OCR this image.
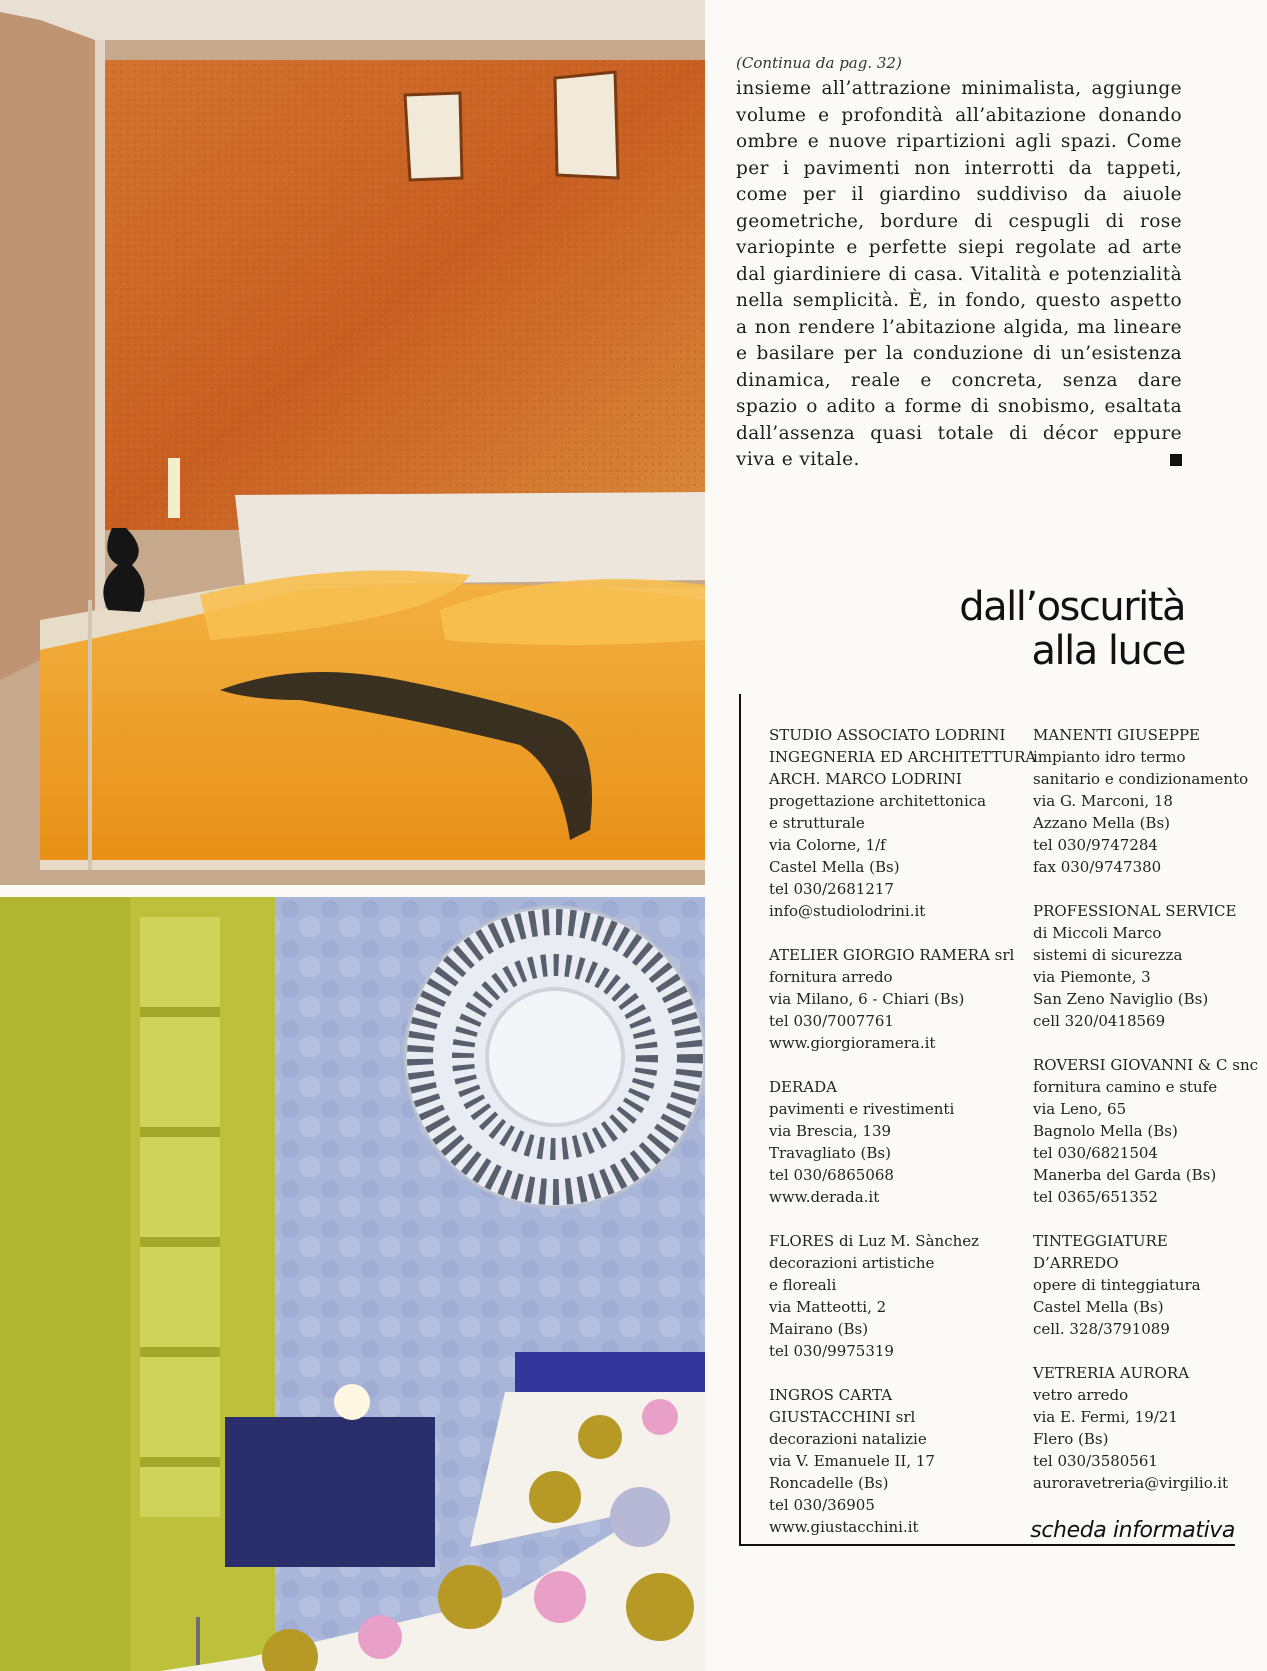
(Continua da pag. 32)

insieme all’attrazione minimalista, aggiunge volume e profondità all’abitazione donando ombre e nuove ripartizioni agli spazi. Come per i pavimenti non interrotti da tappeti, come per il giardino suddiviso da aiuole geometriche, bordure di cespugli di rose variopinte e perfette siepi regolate ad arte dal giardiniere di casa. Vitalità e potenzialità nella semplicità. È, in fondo, questo aspetto a non rendere l’abitazione algida, ma lineare e basilare per la conduzione di un’esistenza dinamica, reale e concreta, senza dare spazio o adito a forme di snobismo, esaltata dall’assenza quasi totale di décor eppure viva e vitale.

dall’oscurità
alla luce
STUDIO ASSOCIATO LODRINI
INGEGNERIA ED ARCHITETTURA
ARCH. MARCO LODRINI
progettazione architettonica
e strutturale
via Colorne, 1/f
Castel Mella (Bs)
tel 030/2681217
info@studiolodrini.it
ATELIER GIORGIO RAMERA srl
fornitura arredo
via Milano, 6 - Chiari (Bs)
tel 030/7007761
www.giorgioramera.it
DERADA
pavimenti e rivestimenti
via Brescia, 139
Travagliato (Bs)
tel 030/6865068
www.derada.it
FLORES di Luz M. Sànchez
decorazioni artistiche
e floreali
via Matteotti, 2
Mairano (Bs)
tel 030/9975319
INGROS CARTA
GIUSTACCHINI srl
decorazioni natalizie
via V. Emanuele II, 17
Roncadelle (Bs)
tel 030/36905
www.giustacchini.it
MANENTI GIUSEPPE
impianto idro termo
sanitario e condizionamento
via G. Marconi, 18
Azzano Mella (Bs)
tel 030/9747284
fax 030/9747380
PROFESSIONAL SERVICE
di Miccoli Marco
sistemi di sicurezza
via Piemonte, 3
San Zeno Naviglio (Bs)
cell 320/0418569
ROVERSI GIOVANNI & C snc
fornitura camino e stufe
via Leno, 65
Bagnolo Mella (Bs)
tel 030/6821504
Manerba del Garda (Bs)
tel 0365/651352
TINTEGGIATURE
D’ARREDO
opere di tinteggiatura
Castel Mella (Bs)
cell. 328/3791089
VETRERIA AURORA
vetro arredo
via E. Fermi, 19/21
Flero (Bs)
tel 030/3580561
auroravetreria@virgilio.it
scheda informativa
